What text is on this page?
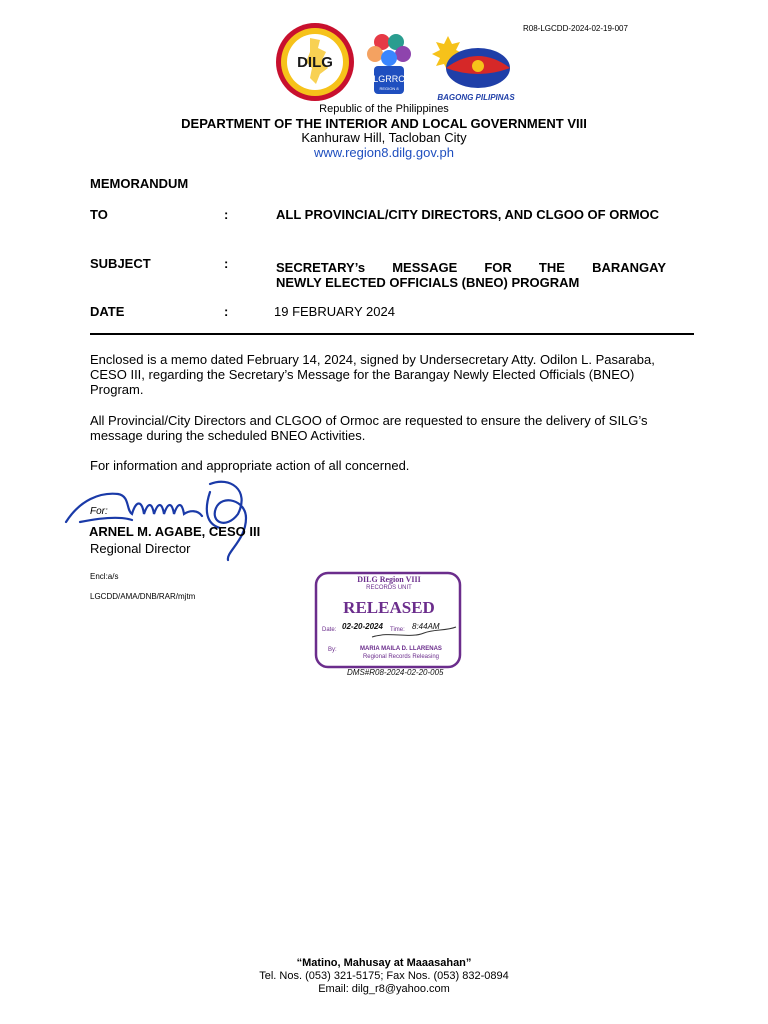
R08-LGCDD-2024-02-19-007
DILG
LGRRC
REGION 8
BAGONG PILIPINAS
Republic of the Philippines
DEPARTMENT OF THE INTERIOR AND LOCAL GOVERNMENT VIII
Kanhuraw Hill, Tacloban City
www.region8.dilg.gov.ph
MEMORANDUM
TO	:	ALL PROVINCIAL/CITY DIRECTORS, AND CLGOO OF ORMOC
SUBJECT	:	SECRETARY’s MESSAGE FOR THE BARANGAY
NEWLY ELECTED OFFICIALS (BNEO) PROGRAM
DATE	:	19 FEBRUARY 2024
Enclosed is a memo dated February 14, 2024, signed by Undersecretary Atty. Odilon L. Pasaraba, CESO III, regarding the Secretary’s Message for the Barangay Newly Elected Officials (BNEO) Program.
All Provincial/City Directors and CLGOO of Ormoc are requested to ensure the delivery of SILG’s message during the scheduled BNEO Activities.
For information and appropriate action of all concerned.
For:
ARNEL M. AGABE, CESO III
Regional Director
Encl:a/s
LGCDD/AMA/DNB/RAR/mjtm
DILG Region VIII
RECORDS UNIT
RELEASED
Date: 02-20-2024 Time: 8:44AM
By:	MARIA MAILA D. LLARENAS
Regional Records Releasing
DMS#R08-2024-02-20-005
“Matino, Mahusay at Maaasahan”
Tel. Nos. (053) 321-5175; Fax Nos. (053) 832-0894
Email: dilg_r8@yahoo.com
